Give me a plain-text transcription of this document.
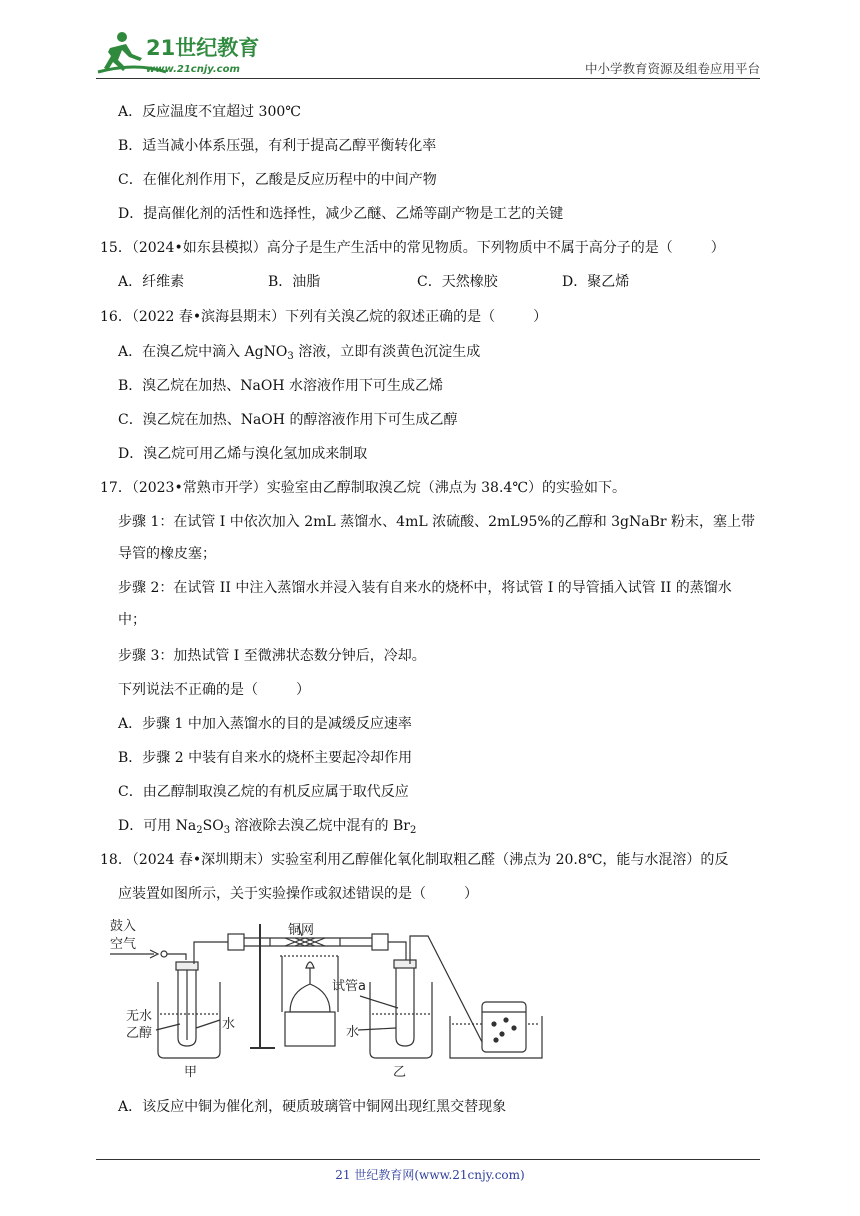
21世纪教育
www.21cnjy.com	中小学教育资源及组卷应用平台
A．反应温度不宜超过 300℃
B．适当减小体系压强，有利于提高乙醇平衡转化率
C．在催化剂作用下，乙酸是反应历程中的中间产物
D．提高催化剂的活性和选择性，减少乙醚、乙烯等副产物是工艺的关键
15．（2024•如东县模拟）高分子是生产生活中的常见物质。下列物质中不属于高分子的是（	）
A．纤维素	B．油脂	C．天然橡胶	D．聚乙烯
16．（2022 春•滨海县期末）下列有关溴乙烷的叙述正确的是（	）
A．在溴乙烷中滴入 AgNO$_3$ 溶液，立即有淡黄色沉淀生成
B．溴乙烷在加热、NaOH 水溶液作用下可生成乙烯
C．溴乙烷在加热、NaOH 的醇溶液作用下可生成乙醇
D．溴乙烷可用乙烯与溴化氢加成来制取
17．（2023•常熟市开学）实验室由乙醇制取溴乙烷（沸点为 38.4℃）的实验如下。
步骤 1：在试管 I 中依次加入 2mL 蒸馏水、4mL 浓硫酸、2mL95%的乙醇和 3gNaBr 粉末，塞上带
导管的橡皮塞；
步骤 2：在试管 II 中注入蒸馏水并浸入装有自来水的烧杯中，将试管 I 的导管插入试管 II 的蒸馏水
中；
步骤 3：加热试管 I 至微沸状态数分钟后，冷却。
下列说法不正确的是（	）
A．步骤 1 中加入蒸馏水的目的是减缓反应速率
B．步骤 2 中装有自来水的烧杯主要起冷却作用
C．由乙醇制取溴乙烷的有机反应属于取代反应
D．可用 $Na_2SO_3$ 溶液除去溴乙烷中混有的 $Br_2$
18．（2024 春•深圳期末）实验室利用乙醇催化氧化制取粗乙醛（沸点为 20.8℃，能与水混溶）的反
应装置如图所示，关于实验操作或叙述错误的是（	）
A．该反应中铜为催化剂，硬质玻璃管中铜网出现红黑交替现象
鼓入
空气
铜网
无水
乙醇
水
试管a
水
甲	乙
21 世纪教育网(www.21cnjy.com)
